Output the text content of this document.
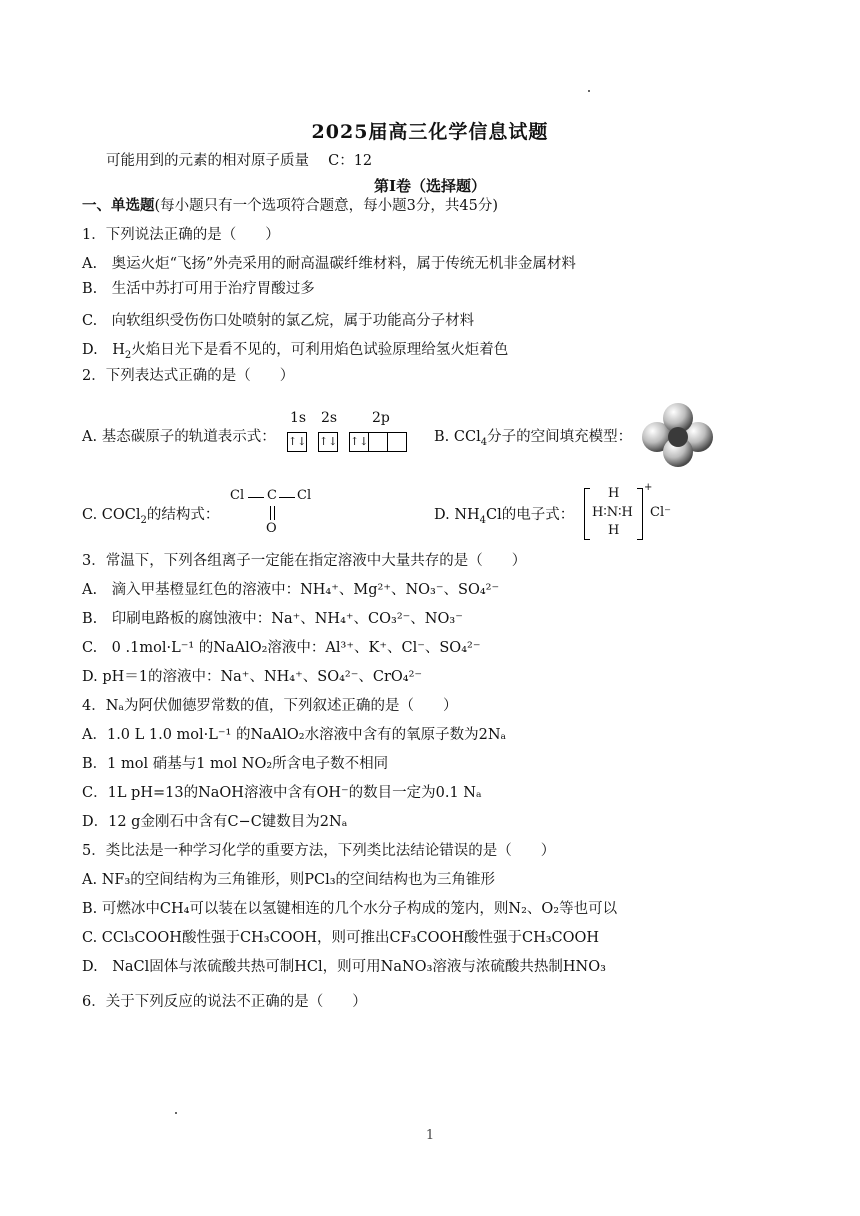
2025届高三化学信息试题
可能用到的元素的相对原子质量　 C：12
第Ⅰ卷（选择题）
一、单选题(每小题只有一个选项符合题意，每小题3分，共45分)
1．下列说法正确的是（　　）
A.　奥运火炬“飞扬”外壳采用的耐高温碳纤维材料，属于传统无机非金属材料
B.　生活中苏打可用于治疗胃酸过多
C.　向软组织受伤伤口处喷射的氯乙烷，属于功能高分子材料
D.　$H_2$火焰日光下是看不见的，可利用焰色试验原理给氢火炬着色
2．下列表达式正确的是（　　）
A. 基态碳原子的轨道表示式：
1s 2s 2p
↑↓ ↑↓ ↑↓	B. CCl$_4$分子的空间填充模型：
C. COCl$_2$的结构式：
Cl C Cl
O
D. $NH_4Cl$的电子式：
H
H∶N∶H
H
+
Cl⁻
3．常温下，下列各组离子一定能在指定溶液中大量共存的是（　　）
A.　滴入甲基橙显红色的溶液中：NH₄⁺、Mg²⁺、NO₃⁻、SO₄²⁻
B.　印刷电路板的腐蚀液中：Na⁺、NH₄⁺、CO₃²⁻、NO₃⁻
C.　0 .1mol·L⁻¹ 的NaAlO₂溶液中：Al³⁺、K⁺、Cl⁻、SO₄²⁻
D. pH＝1的溶液中：Na⁺、NH₄⁺、SO₄²⁻、CrO₄²⁻
4．Nₐ为阿伏伽德罗常数的值，下列叙述正确的是（　　）
A．1.0 L 1.0 mol·L⁻¹ 的NaAlO₂水溶液中含有的氧原子数为2Nₐ
B．1 mol 硝基与1 mol NO₂所含电子数不相同
C．1L pH=13的NaOH溶液中含有OH⁻的数目一定为0.1 Nₐ
D．12 g金刚石中含有C−C键数目为2Nₐ
5．类比法是一种学习化学的重要方法，下列类比法结论错误的是（　　）
A. NF₃的空间结构为三角锥形，则PCl₃的空间结构也为三角锥形
B. 可燃冰中CH₄可以装在以氢键相连的几个水分子构成的笼内，则N₂、O₂等也可以
C. CCl₃COOH酸性强于CH₃COOH，则可推出CF₃COOH酸性强于CH₃COOH
D.　NaCl固体与浓硫酸共热可制HCl，则可用NaNO₃溶液与浓硫酸共热制HNO₃
6．关于下列反应的说法不正确的是（　　）
1
